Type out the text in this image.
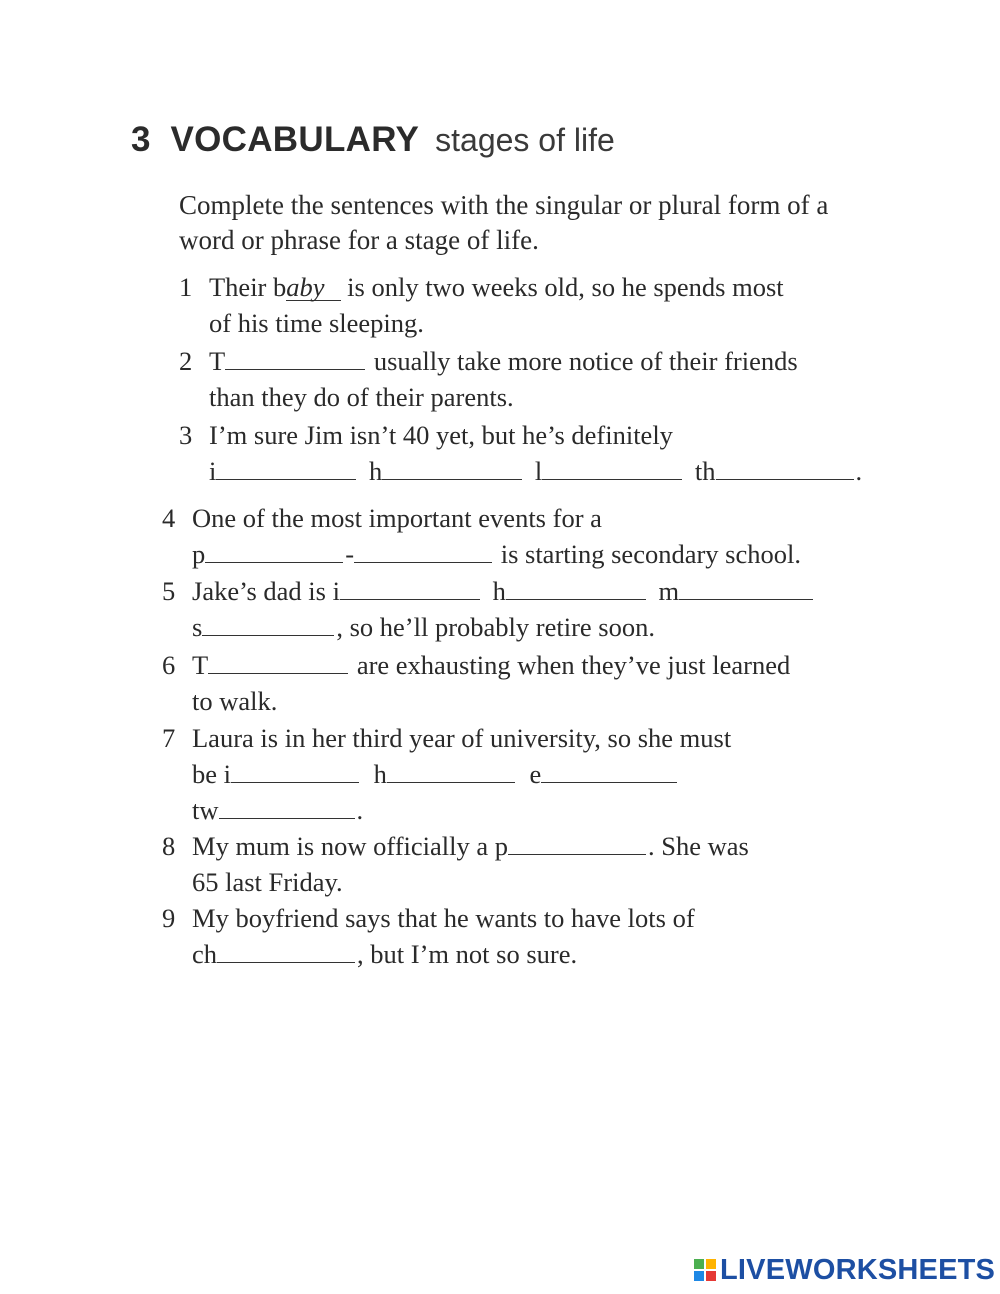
3 VOCABULARY stages of life
Complete the sentences with the singular or plural form of a word or phrase for a stage of life.
1 Their baby is only two weeks old, so he spends most
of his time sleeping.
2 T	usually take more notice of their friends
than they do of their parents.
3 I’m sure Jim isn’t 40 yet, but he’s definitely
i	h	l	th	.
4 One of the most important events for a
p	-	is starting secondary school.
5 Jake’s dad is i	h	m
s	, so he’ll probably retire soon.
6 T	are exhausting when they’ve just learned
to walk.
7 Laura is in her third year of university, so she must
be i	h	e
tw	.
8 My mum is now officially a p	. She was
65 last Friday.
9 My boyfriend says that he wants to have lots of
ch	, but I’m not so sure.
LIVEWORKSHEETS
